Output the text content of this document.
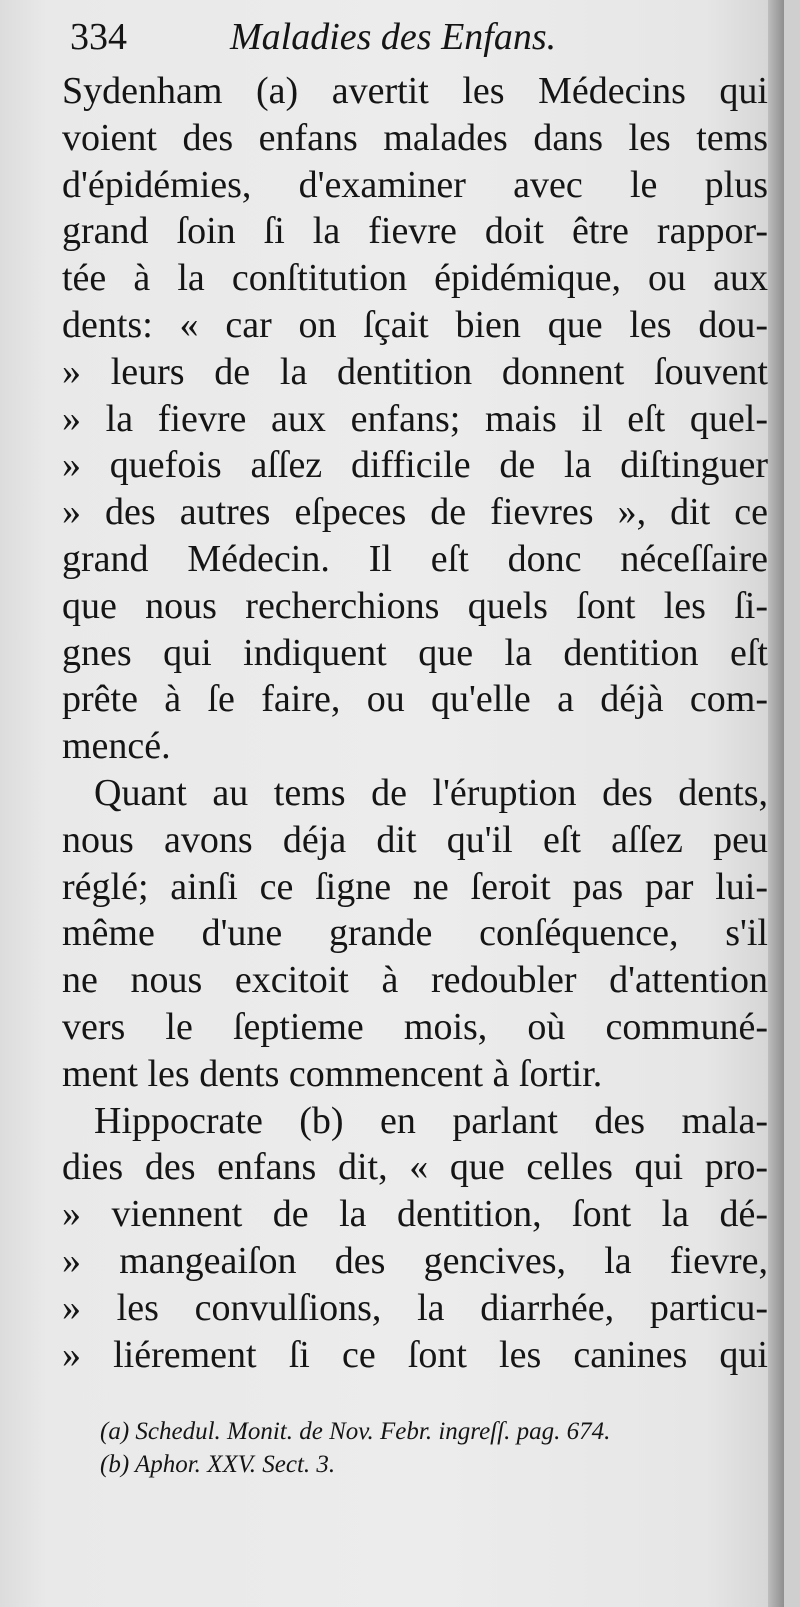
334	Maladies des Enfans.
Sydenham (a) avertit les Médecins qui
voient des enfans malades dans les tems
d'épidémies, d'examiner avec le plus
grand ſoin ſi la fievre doit être rappor-
tée à la conſtitution épidémique, ou aux
dents: « car on ſçait bien que les dou-
» leurs de la dentition donnent ſouvent
» la fievre aux enfans; mais il eſt quel-
» quefois aſſez difficile de la diſtinguer
» des autres eſpeces de fievres », dit ce
grand Médecin. Il eſt donc néceſſaire
que nous recherchions quels ſont les ſi-
gnes qui indiquent que la dentition eſt
prête à ſe faire, ou qu'elle a déjà com-
mencé.
Quant au tems de l'éruption des dents,
nous avons déja dit qu'il eſt aſſez peu
réglé; ainſi ce ſigne ne ſeroit pas par lui-
même d'une grande conſéquence, s'il
ne nous excitoit à redoubler d'attention
vers le ſeptieme mois, où communé-
ment les dents commencent à ſortir.
Hippocrate (b) en parlant des mala-
dies des enfans dit, « que celles qui pro-
» viennent de la dentition, ſont la dé-
» mangeaiſon des gencives, la fievre,
» les convulſions, la diarrhée, particu-
» liérement ſi ce ſont les canines qui
(a) Schedul. Monit. de Nov. Febr. ingreſſ. pag. 674.
(b) Aphor. XXV. Sect. 3.
